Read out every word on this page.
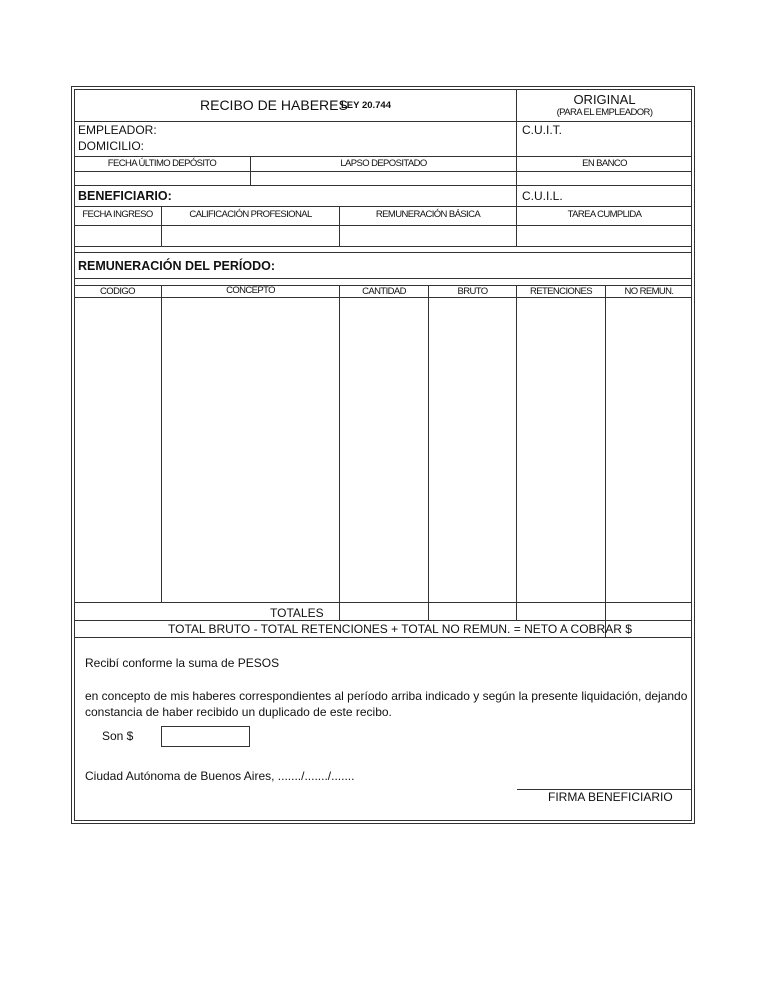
RECIBO DE HABERES
LEY 20.744	ORIGINAL
(PARA EL EMPLEADOR)
EMPLEADOR:
DOMICILIO:
C.U.I.T.
FECHA ÚLTIMO DEPÓSITO	LAPSO DEPOSITADO	EN BANCO
BENEFICIARIO:	C.U.I.L.
FECHA INGRESO	CALIFICACIÓN PROFESIONAL	REMUNERACIÓN BÁSICA	TAREA CUMPLIDA
REMUNERACIÓN DEL PERÍODO:
CODIGO	CONCEPTO	CANTIDAD	BRUTO	RETENCIONES	NO REMUN.
TOTALES
TOTAL BRUTO - TOTAL RETENCIONES + TOTAL NO REMUN. = NETO A COBRAR $
Recibí conforme la suma de PESOS
en concepto de mis haberes correspondientes al período arriba indicado y según la presente liquidación, dejando
constancia de haber recibido un duplicado de este recibo.
Son $
Ciudad Autónoma de Buenos Aires, ......./......./.......
FIRMA BENEFICIARIO
